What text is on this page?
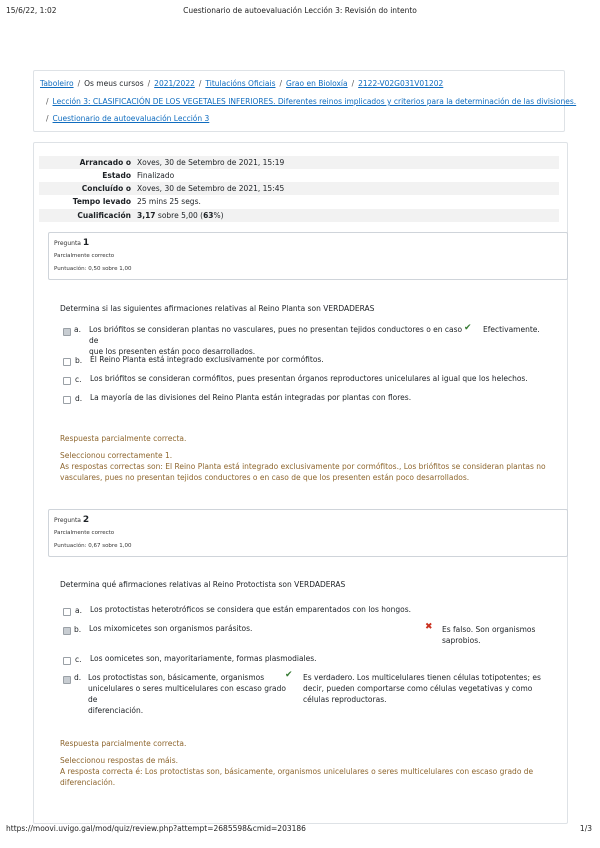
15/6/22, 1:02	Cuestionario de autoevaluación Lección 3: Revisión do intento
Taboleiro / Os meus cursos / 2021/2022 / Titulacións Oficiais / Grao en Bioloxía / 2122-V02G031V01202
/ Lección 3: CLASIFICACIÓN DE LOS VEGETALES INFERIORES. Diferentes reinos implicados y criterios para la determinación de las divisiones.
/ Cuestionario de autoevaluación Lección 3
Arrancado o Xoves, 30 de Setembro de 2021, 15:19
Estado Finalizado
Concluído o Xoves, 30 de Setembro de 2021, 15:45
Tempo levado 25 mins 25 segs.
Cualificación 3,17 sobre 5,00 (63%)
Pregunta 1
Parcialmente correcto
Puntuación: 0,50 sobre 1,00
Determina si las siguientes afirmaciones relativas al Reino Planta son VERDADERAS
a. Los briófitos se consideran plantas no vasculares, pues no presentan tejidos conductores o en caso de
que los presenten están poco desarrollados.
✔ Efectivamente.
b. El Reino Planta está integrado exclusivamente por cormófitos.
c. Los briófitos se consideran cormófitos, pues presentan órganos reproductores unicelulares al igual que los helechos.
d. La mayoría de las divisiones del Reino Planta están integradas por plantas con flores.
Respuesta parcialmente correcta.
Seleccionou correctamente 1.
As respostas correctas son: El Reino Planta está integrado exclusivamente por cormófitos., Los briófitos se consideran plantas no
vasculares, pues no presentan tejidos conductores o en caso de que los presenten están poco desarrollados.
Pregunta 2
Parcialmente correcto
Puntuación: 0,67 sobre 1,00
Determina qué afirmaciones relativas al Reino Protoctista son VERDADERAS
a. Los protoctistas heterotróficos se considera que están emparentados con los hongos.
b. Los mixomicetes son organismos parásitos.	✖ Es falso. Son organismos
saprobios.
c. Los oomicetes son, mayoritariamente, formas plasmodiales.
d. Los protoctistas son, básicamente, organismos
unicelulares o seres multicelulares con escaso grado de
diferenciación.
✔ Es verdadero. Los multicelulares tienen células totipotentes; es
decir, pueden comportarse como células vegetativas y como
células reproductoras.
Respuesta parcialmente correcta.
Seleccionou respostas de máis.
A resposta correcta é: Los protoctistas son, básicamente, organismos unicelulares o seres multicelulares con escaso grado de
diferenciación.
https://moovi.uvigo.gal/mod/quiz/review.php?attempt=2685598&cmid=203186	1/3
